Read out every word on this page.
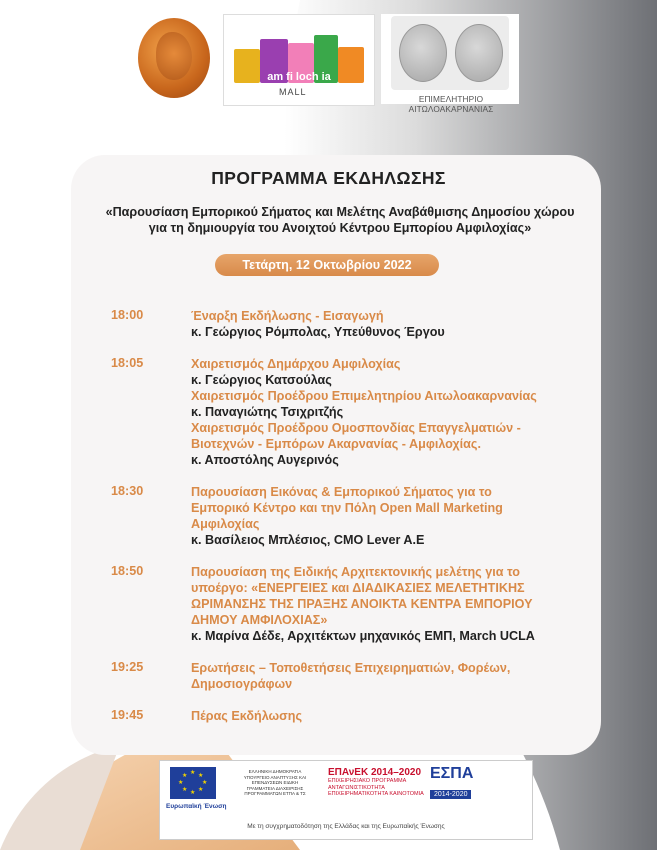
am fi loch ia
MALL
ΕΠΙΜΕΛΗΤΗΡΙΟ ΑΙΤΩΛΟΑΚΑΡΝΑΝΙΑΣ
ΠΡΟΓΡΑΜΜΑ ΕΚΔΗΛΩΣΗΣ
«Παρουσίαση Εμπορικού Σήματος και Μελέτης Αναβάθμισης Δημοσίου χώρου
για τη δημιουργία του Ανοιχτού Κέντρου Εμπορίου Αμφιλοχίας»
Τετάρτη, 12 Οκτωβρίου 2022
18:00	Έναρξη Εκδήλωσης - Εισαγωγή
κ. Γεώργιος Ρόμπολας, Υπεύθυνος Έργου
18:05	Χαιρετισμός Δημάρχου Αμφιλοχίας
κ. Γεώργιος Κατσούλας
Χαιρετισμός Προέδρου Επιμελητηρίου Αιτωλοακαρνανίας
κ. Παναγιώτης Τσιχριτζής
Χαιρετισμός Προέδρου Ομοσπονδίας Επαγγελματιών -
Βιοτεχνών - Εμπόρων Ακαρνανίας - Αμφιλοχίας.
κ. Αποστόλης Αυγερινός
18:30	Παρουσίαση Εικόνας & Εμπορικού Σήματος για το
Εμπορικό Κέντρο και την Πόλη Open Mall Marketing
Αμφιλοχίας
κ. Βασίλειος Μπλέσιος, CMO Lever A.E
18:50	Παρουσίαση της Ειδικής Αρχιτεκτονικής μελέτης για το
υποέργο: «ΕΝΕΡΓΕΙΕΣ και ΔΙΑΔΙΚΑΣΙΕΣ ΜΕΛΕΤΗΤΙΚΗΣ
ΩΡΙΜΑΝΣΗΣ ΤΗΣ ΠΡΑΞΗΣ ΑΝΟΙΚΤΑ ΚΕΝΤΡΑ ΕΜΠΟΡΙΟΥ
ΔΗΜΟΥ ΑΜΦΙΛΟΧΙΑΣ»
κ. Μαρίνα Δέδε, Αρχιτέκτων μηχανικός ΕΜΠ, March UCLA
19:25	Ερωτήσεις – Τοποθετήσεις Επιχειρηματιών, Φορέων,
Δημοσιογράφων
19:45	Πέρας Εκδήλωσης
★ ★
★
★
★
★
★
★
Ευρωπαϊκή Ένωση
ΕΛΛΗΝΙΚΗ ΔΗΜΟΚΡΑΤΙΑ ΥΠΟΥΡΓΕΙΟ ΑΝΑΠΤΥΞΗΣ ΚΑΙ ΕΠΕΝΔΥΣΕΩΝ ΕΙΔΙΚΗ ΓΡΑΜΜΑΤΕΙΑ ΔΙΑΧΕΙΡΙΣΗΣ ΠΡΟΓΡΑΜΜΑΤΩΝ ΕΤΠΑ & ΤΣ
ΕΠΑνΕΚ 2014–2020
ΕΠΙΧΕΙΡΗΣΙΑΚΟ ΠΡΟΓΡΑΜΜΑ ΑΝΤΑΓΩΝΙΣΤΙΚΟΤΗΤΑ ΕΠΙΧΕΙΡΗΜΑΤΙΚΟΤΗΤΑ ΚΑΙΝΟΤΟΜΙΑ
ΕΣΠΑ
2014-2020
Με τη συγχρηματοδότηση της Ελλάδας και της Ευρωπαϊκής Ένωσης
